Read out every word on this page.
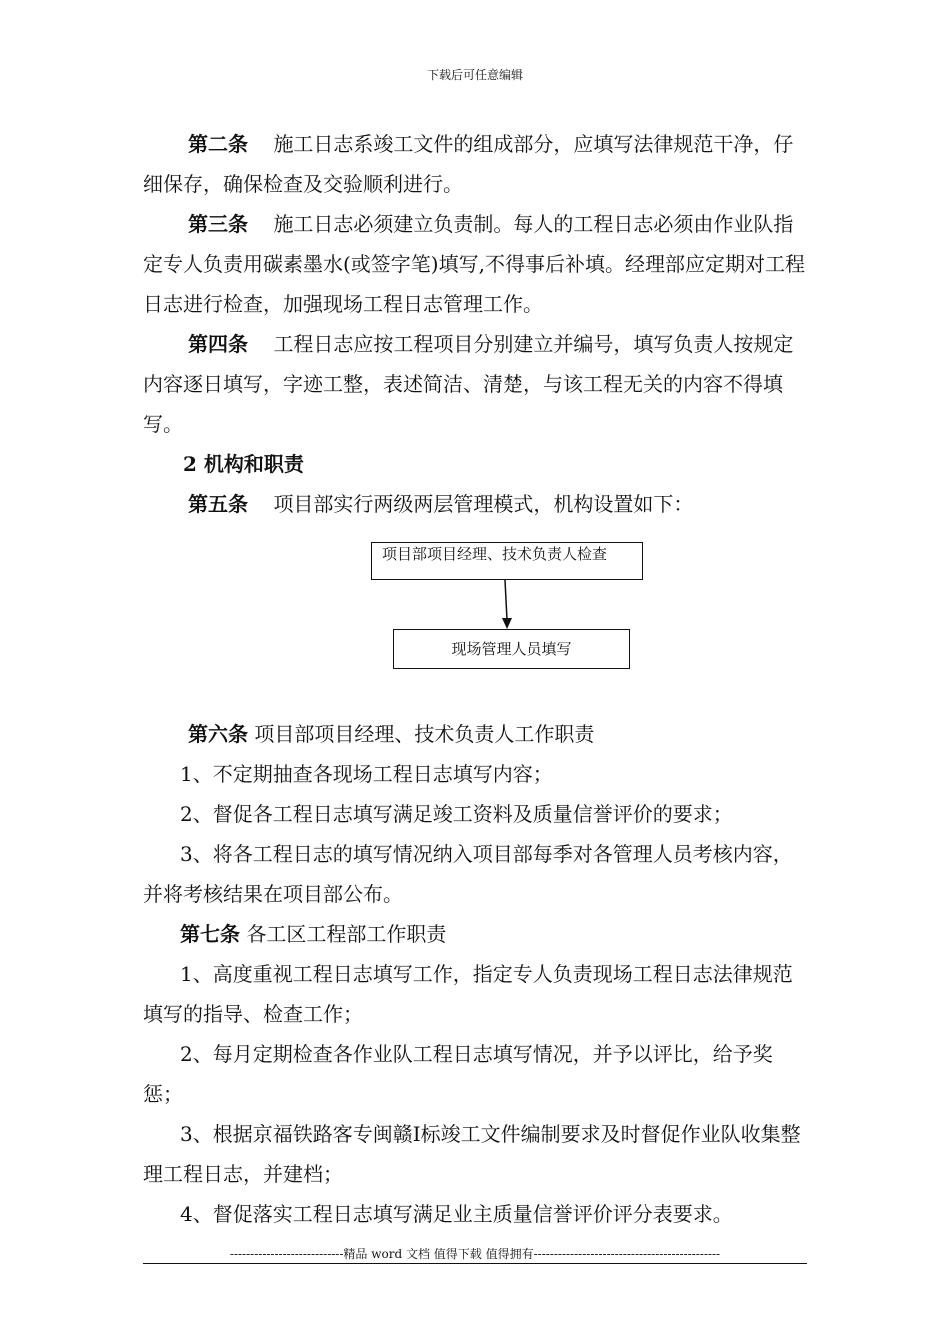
下载后可任意编辑

第二条 施工日志系竣工文件的组成部分，应填写法律规范干净，仔细保存，确保检查及交验顺利进行。

第三条 施工日志必须建立负责制。每人的工程日志必须由作业队指定专人负责用碳素墨水(或签字笔)填写,不得事后补填。经理部应定期对工程日志进行检查，加强现场工程日志管理工作。

第四条 工程日志应按工程项目分别建立并编号，填写负责人按规定内容逐日填写，字迹工整，表述简洁、清楚，与该工程无关的内容不得填写。

2 机构和职责

第五条 项目部实行两级两层管理模式，机构设置如下：

项目部项目经理、技术负责人检查
现场管理人员填写

第六条 项目部项目经理、技术负责人工作职责

1、不定期抽查各现场工程日志填写内容；

2、督促各工程日志填写满足竣工资料及质量信誉评价的要求；

3、将各工程日志的填写情况纳入项目部每季对各管理人员考核内容，并将考核结果在项目部公布。

第七条 各工区工程部工作职责

1、高度重视工程日志填写工作，指定专人负责现场工程日志法律规范填写的指导、检查工作；

2、每月定期检查各作业队工程日志填写情况，并予以评比，给予奖惩；

3、根据京福铁路客专闽赣Ⅰ标竣工文件编制要求及时督促作业队收集整理工程日志，并建档；

4、督促落实工程日志填写满足业主质量信誉评价评分表要求。

----------------------------精品 word 文档 值得下载 值得拥有----------------------------------------------
